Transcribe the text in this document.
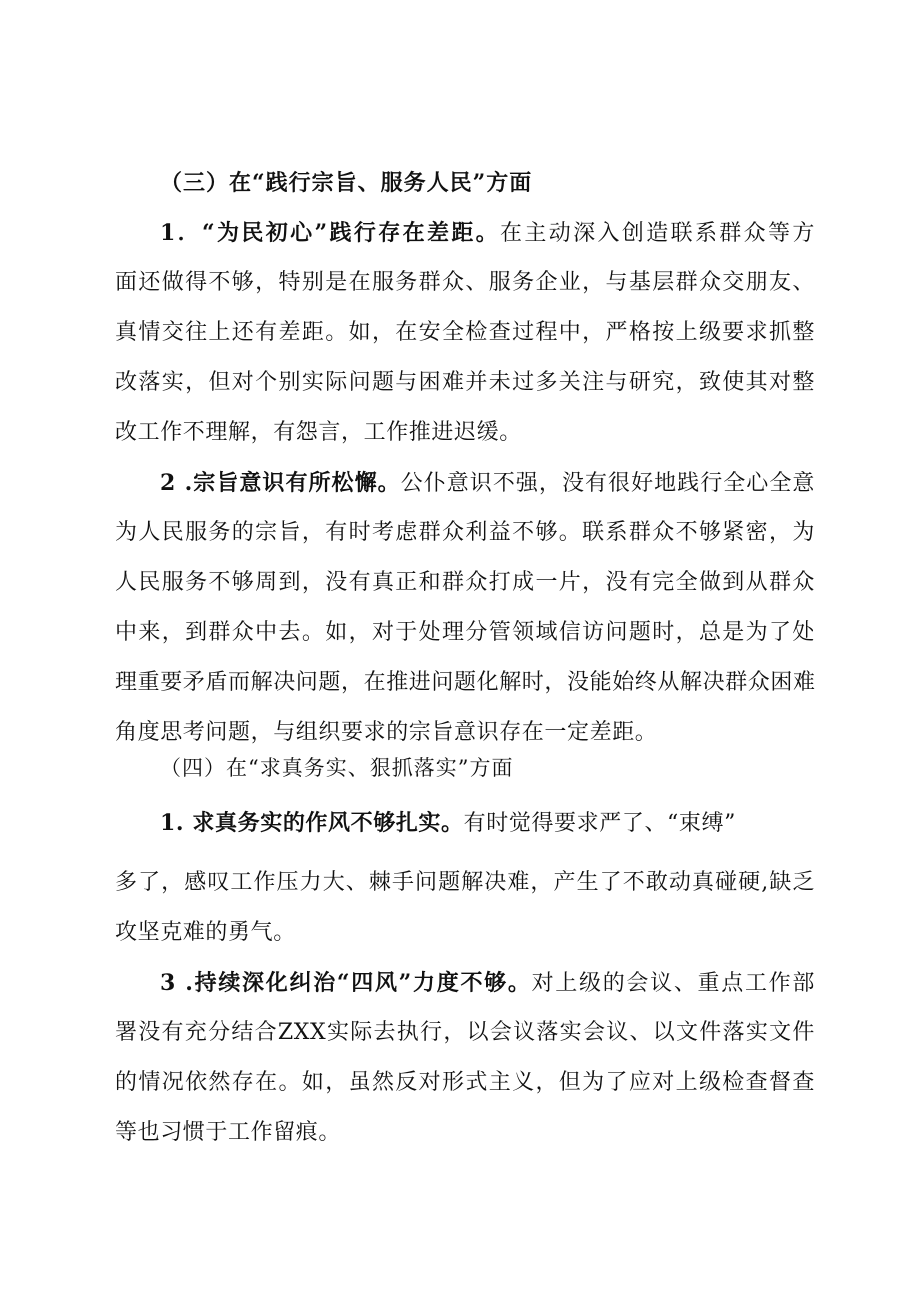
（三）在“践行宗旨、服务人民”方面
1．“为民初心”践行存在差距。在主动深入创造联系群众等方
面还做得不够，特别是在服务群众、服务企业，与基层群众交朋友、
真情交往上还有差距。如，在安全检查过程中，严格按上级要求抓整
改落实，但对个别实际问题与困难并未过多关注与研究，致使其对整
改工作不理解，有怨言，工作推进迟缓。
2 .宗旨意识有所松懈。公仆意识不强，没有很好地践行全心全意
为人民服务的宗旨，有时考虑群众利益不够。联系群众不够紧密，为
人民服务不够周到，没有真正和群众打成一片，没有完全做到从群众
中来，到群众中去。如，对于处理分管领域信访问题时，总是为了处
理重要矛盾而解决问题，在推进问题化解时，没能始终从解决群众困难
角度思考问题，与组织要求的宗旨意识存在一定差距。
（四）在“求真务实、狠抓落实”方面
1. 求真务实的作风不够扎实。有时觉得要求严了、“束缚”
多了，感叹工作压力大、棘手问题解决难，产生了不敢动真碰硬,缺乏
攻坚克难的勇气。
3 .持续深化纠治“四风”力度不够。对上级的会议、重点工作部
署没有充分结合ZXX实际去执行，以会议落实会议、以文件落实文件
的情况依然存在。如，虽然反对形式主义，但为了应对上级检查督查
等也习惯于工作留痕。
